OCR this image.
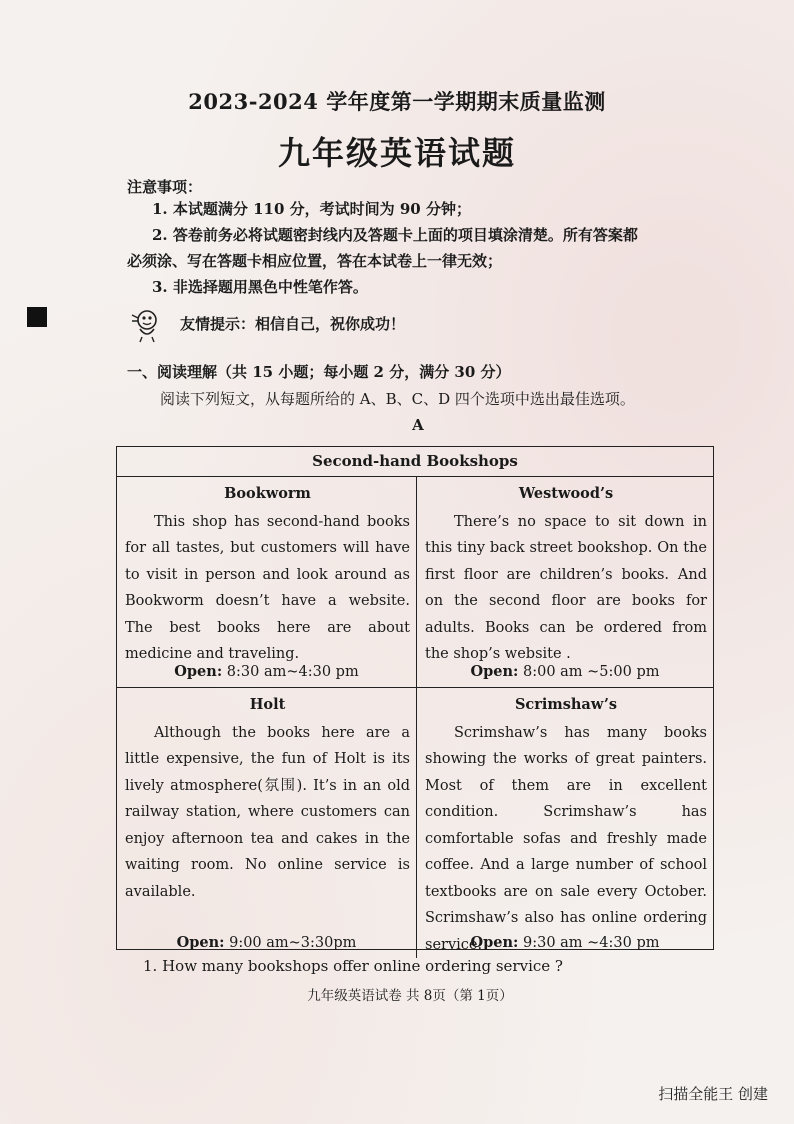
2023-2024 学年度第一学期期末质量监测
九年级英语试题
注意事项：
1. 本试题满分 110 分，考试时间为 90 分钟；
2. 答卷前务必将试题密封线内及答题卡上面的项目填涂清楚。所有答案都
必须涂、写在答题卡相应位置，答在本试卷上一律无效；
3. 非选择题用黑色中性笔作答。
友情提示：相信自己，祝你成功！
一、阅读理解（共 15 小题；每小题 2 分，满分 30 分）
阅读下列短文，从每题所给的 A、B、C、D 四个选项中选出最佳选项。
A
Second-hand Bookshops
Bookworm
This shop has second-hand books for all tastes, but customers will have to visit in person and look around as Bookworm doesn’t have a website. The best books here are about medicine and traveling.
Open: 8:30 am~4:30 pm
Westwood’s
There’s no space to sit down in this tiny back street bookshop. On the first floor are children’s books. And on the second floor are books for adults. Books can be ordered from the shop’s website .
Open: 8:00 am ~5:00 pm
Holt
Although the books here are a little expensive, the fun of Holt is its lively atmosphere(氛围). It’s in an old railway station, where customers can enjoy afternoon tea and cakes in the waiting room. No online service is available.
Open: 9:00 am~3:30pm
Scrimshaw’s
Scrimshaw’s has many books showing the works of great painters. Most of them are in excellent condition. Scrimshaw’s has comfortable sofas and freshly made coffee. And a large number of school textbooks are on sale every October. Scrimshaw’s also has online ordering service.
Open: 9:30 am ~4:30 pm
1. How many bookshops offer online ordering service ?
九年级英语试卷 共 8页（第 1页）
扫描全能王 创建
